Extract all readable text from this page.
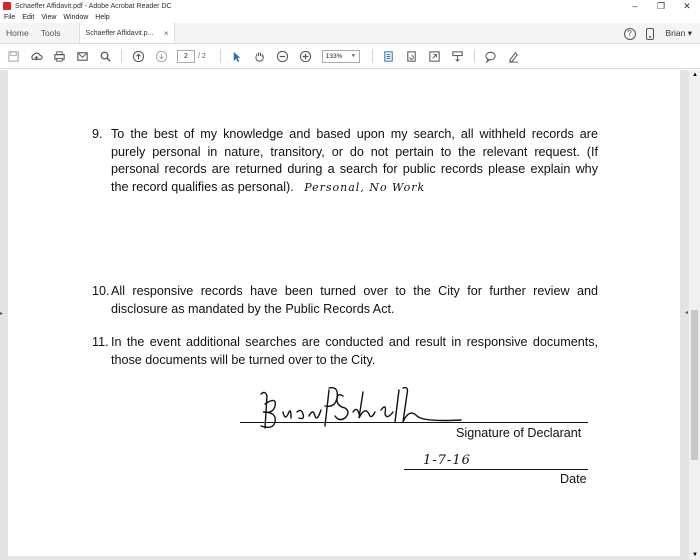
Schaeffer Affidavit.pdf - Adobe Acrobat Reader DC	–	❐	✕
File Edit View Window Help
Home	Tools	Schaeffer Affidavit.p... ×	?	Brian ▾
2	/ 2	133% ▼
▸
9. To the best of my knowledge and based upon my search, all withheld records are purely personal in nature, transitory, or do not pertain to the relevant request. (If personal records are returned during a search for public records please explain why the record qualifies as personal). Personal, No Work
10. All responsive records have been turned over to the City for further review and disclosure as mandated by the Public Records Act.
11. In the event additional searches are conducted and result in responsive documents, those documents will be turned over to the City.
Signature of Declarant
1-7-16
Date
◂
▲
▼
